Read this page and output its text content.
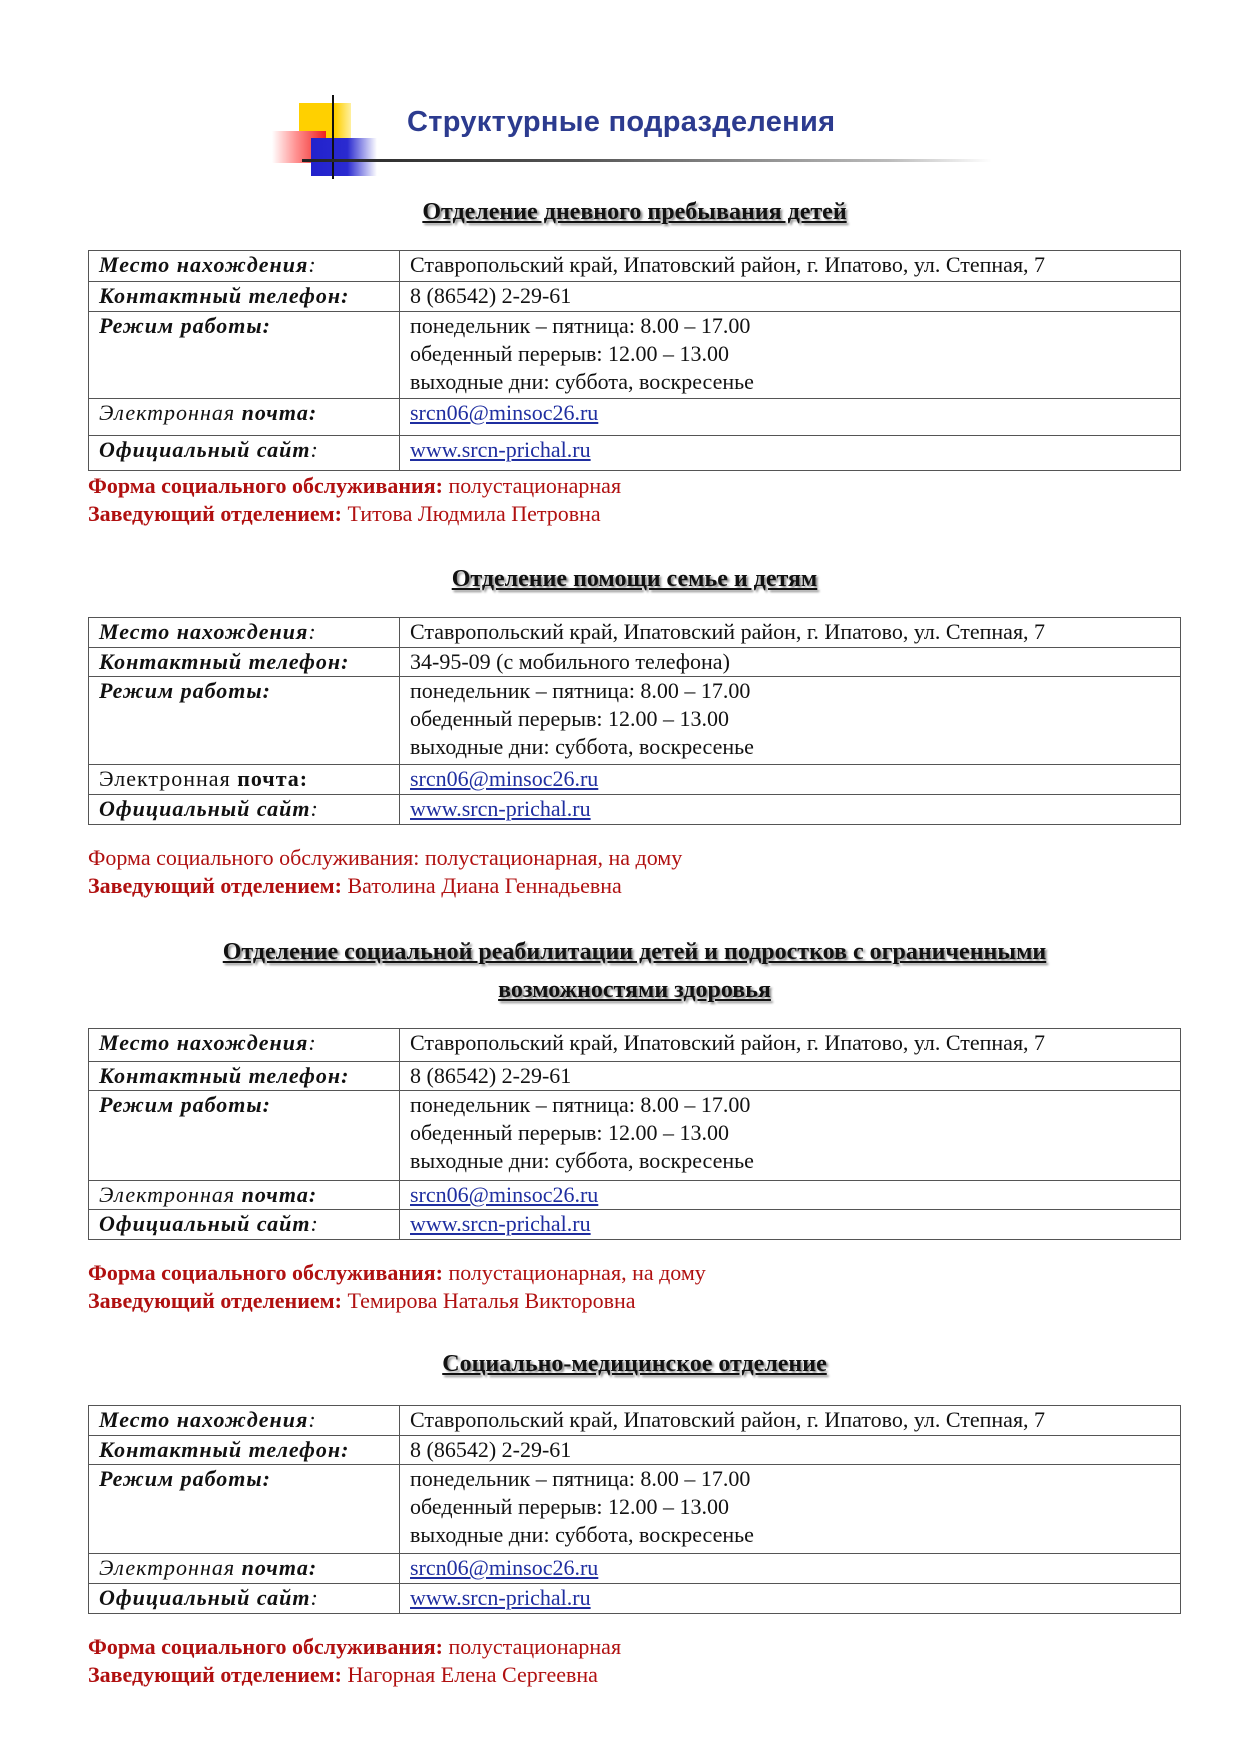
Структурные подразделения
Отделение дневного пребывания детей
Место нахождения:	Ставропольский край, Ипатовский район, г. Ипатово, ул. Степная, 7
Контактный телефон:	8 (86542) 2-29-61
Режим работы:	понедельник – пятница: 8.00 – 17.00
обеденный перерыв: 12.00 – 13.00
выходные дни: суббота, воскресенье

Электронная почта:	srcn06@minsoc26.ru
Официальный сайт:	www.srcn-prichal.ru
Форма социального обслуживания: полустационарная
Заведующий отделением: Титова Людмила Петровна
Отделение помощи семье и детям
Место нахождения:	Ставропольский край, Ипатовский район, г. Ипатово, ул. Степная, 7
Контактный телефон:	34-95-09 (с мобильного телефона)
Режим работы:	понедельник – пятница: 8.00 – 17.00
обеденный перерыв: 12.00 – 13.00
выходные дни: суббота, воскресенье

Электронная почта:	srcn06@minsoc26.ru
Официальный сайт:	www.srcn-prichal.ru
Форма социального обслуживания: полустационарная, на дому
Заведующий отделением: Ватолина Диана Геннадьевна
Отделение социальной реабилитации детей и подростков с ограниченными
возможностями здоровья
Место нахождения:	Ставропольский край, Ипатовский район, г. Ипатово, ул. Степная, 7
Контактный телефон:	8 (86542) 2-29-61
Режим работы:	понедельник – пятница: 8.00 – 17.00
обеденный перерыв: 12.00 – 13.00
выходные дни: суббота, воскресенье

Электронная почта:	srcn06@minsoc26.ru
Официальный сайт:	www.srcn-prichal.ru
Форма социального обслуживания: полустационарная, на дому
Заведующий отделением: Темирова Наталья Викторовна
Социально-медицинское отделение
Место нахождения:	Ставропольский край, Ипатовский район, г. Ипатово, ул. Степная, 7
Контактный телефон:	8 (86542) 2-29-61
Режим работы:	понедельник – пятница: 8.00 – 17.00
обеденный перерыв: 12.00 – 13.00
выходные дни: суббота, воскресенье

Электронная почта:	srcn06@minsoc26.ru
Официальный сайт:	www.srcn-prichal.ru
Форма социального обслуживания: полустационарная
Заведующий отделением: Нагорная Елена Сергеевна
